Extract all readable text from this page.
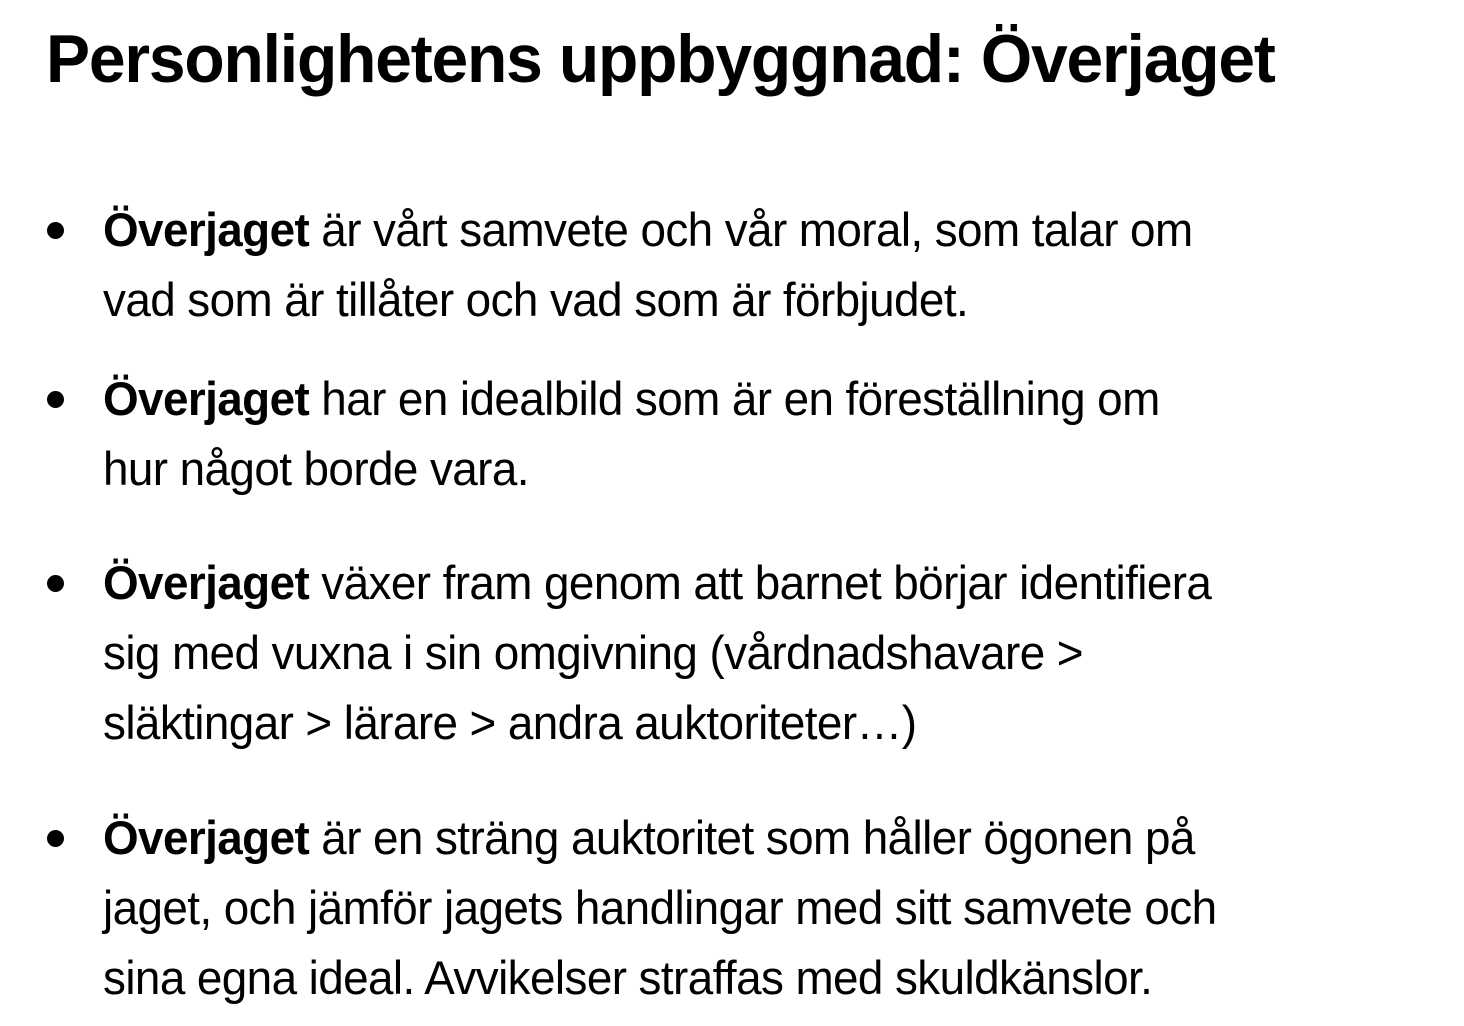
Personlighetens uppbyggnad: Överjaget
Överjaget är vårt samvete och vår moral, som talar om
vad som är tillåter och vad som är förbjudet.
Överjaget har en idealbild som är en föreställning om
hur något borde vara.
Överjaget växer fram genom att barnet börjar identifiera
sig med vuxna i sin omgivning (vårdnadshavare >
släktingar > lärare > andra auktoriteter…)
Överjaget är en sträng auktoritet som håller ögonen på
jaget, och jämför jagets handlingar med sitt samvete och
sina egna ideal. Avvikelser straffas med skuldkänslor.
